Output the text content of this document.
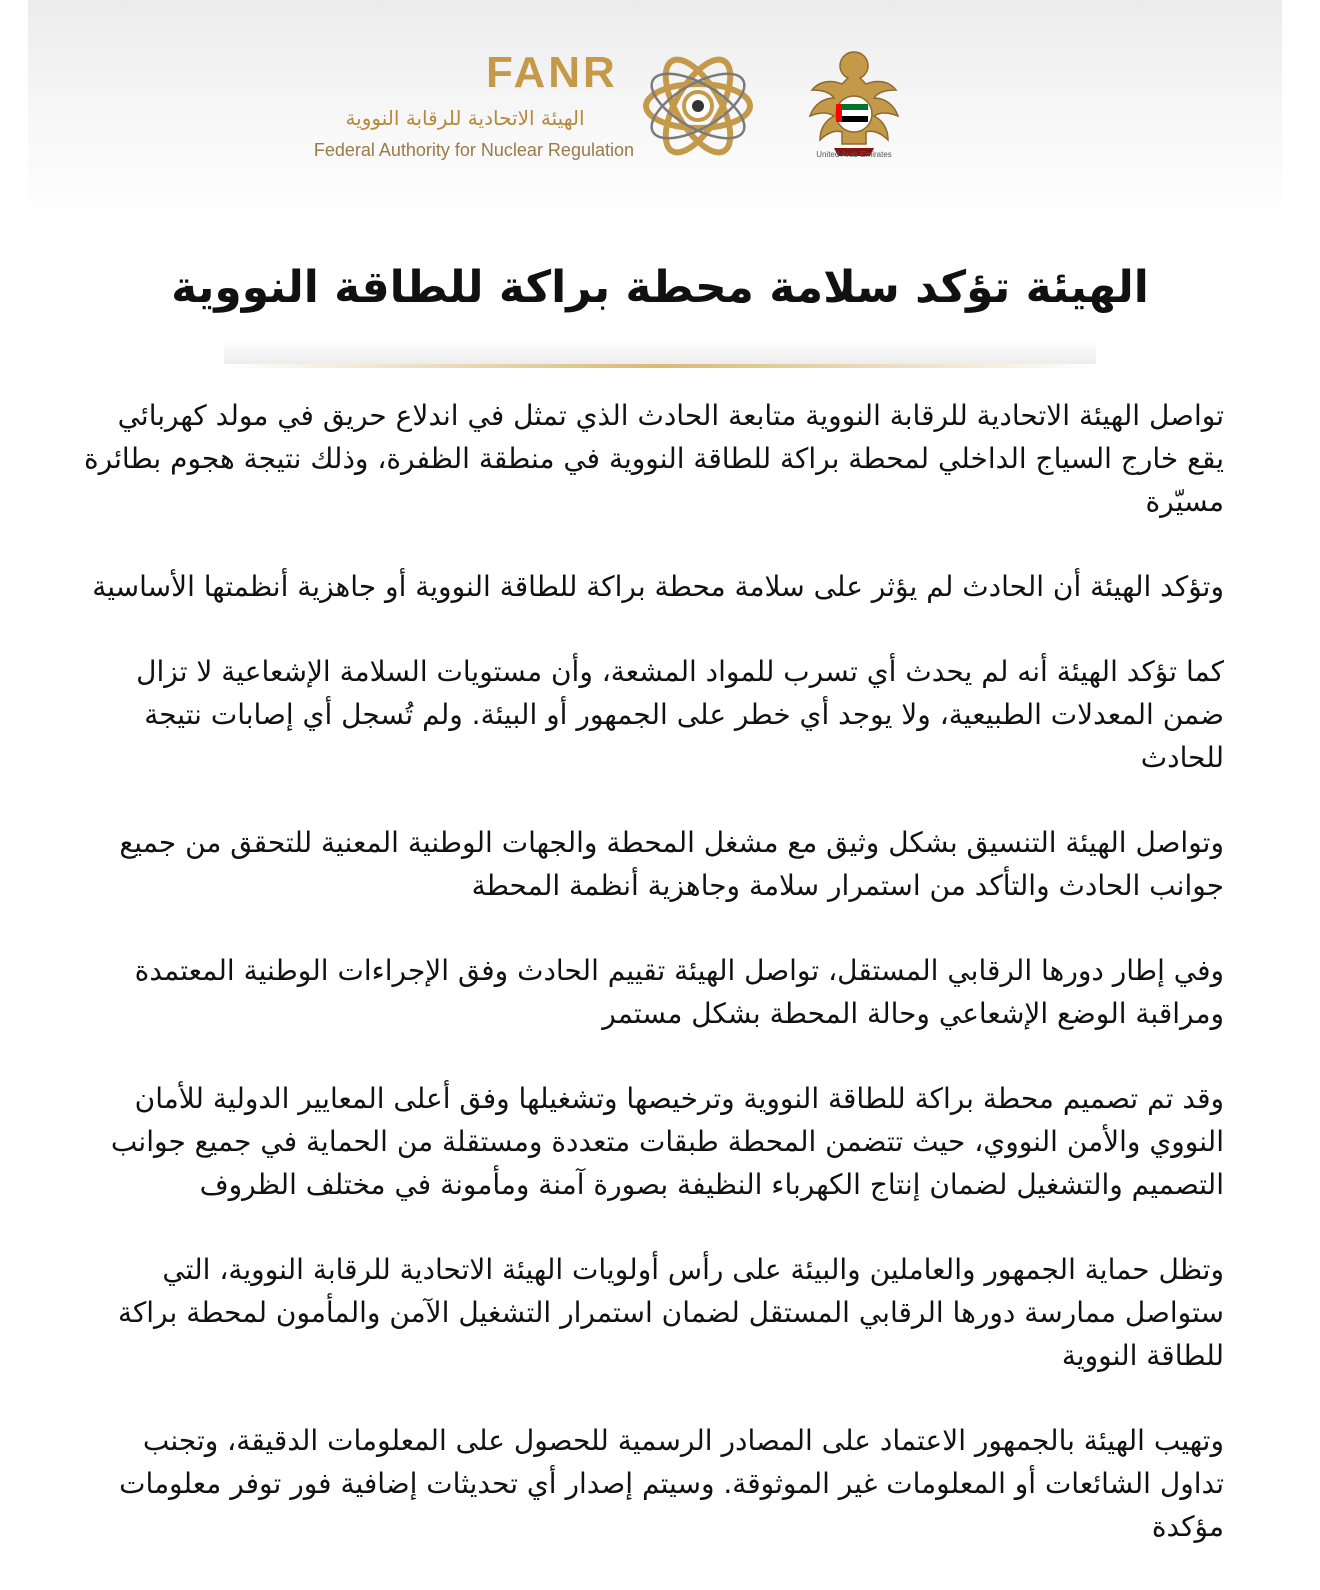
FANR

الهيئة الاتحادية للرقابة النووية
Federal Authority for Nuclear Regulation	United Arab Emirates
الهيئة تؤكد سلامة محطة براكة للطاقة النووية

تواصل الهيئة الاتحادية للرقابة النووية متابعة الحادث الذي تمثل في اندلاع حريق في مولد كهربائي يقع خارج السياج الداخلي لمحطة براكة للطاقة النووية في منطقة الظفرة، وذلك نتيجة هجوم بطائرة مسيّرة

وتؤكد الهيئة أن الحادث لم يؤثر على سلامة محطة براكة للطاقة النووية أو جاهزية أنظمتها الأساسية

كما تؤكد الهيئة أنه لم يحدث أي تسرب للمواد المشعة، وأن مستويات السلامة الإشعاعية لا تزال ضمن المعدلات الطبيعية، ولا يوجد أي خطر على الجمهور أو البيئة. ولم تُسجل أي إصابات نتيجة للحادث

وتواصل الهيئة التنسيق بشكل وثيق مع مشغل المحطة والجهات الوطنية المعنية للتحقق من جميع جوانب الحادث والتأكد من استمرار سلامة وجاهزية أنظمة المحطة

وفي إطار دورها الرقابي المستقل، تواصل الهيئة تقييم الحادث وفق الإجراءات الوطنية المعتمدة ومراقبة الوضع الإشعاعي وحالة المحطة بشكل مستمر

وقد تم تصميم محطة براكة للطاقة النووية وترخيصها وتشغيلها وفق أعلى المعايير الدولية للأمان النووي والأمن النووي، حيث تتضمن المحطة طبقات متعددة ومستقلة من الحماية في جميع جوانب التصميم والتشغيل لضمان إنتاج الكهرباء النظيفة بصورة آمنة ومأمونة في مختلف الظروف

وتظل حماية الجمهور والعاملين والبيئة على رأس أولويات الهيئة الاتحادية للرقابة النووية، التي ستواصل ممارسة دورها الرقابي المستقل لضمان استمرار التشغيل الآمن والمأمون لمحطة براكة للطاقة النووية

وتهيب الهيئة بالجمهور الاعتماد على المصادر الرسمية للحصول على المعلومات الدقيقة، وتجنب تداول الشائعات أو المعلومات غير الموثوقة. وسيتم إصدار أي تحديثات إضافية فور توفر معلومات مؤكدة
